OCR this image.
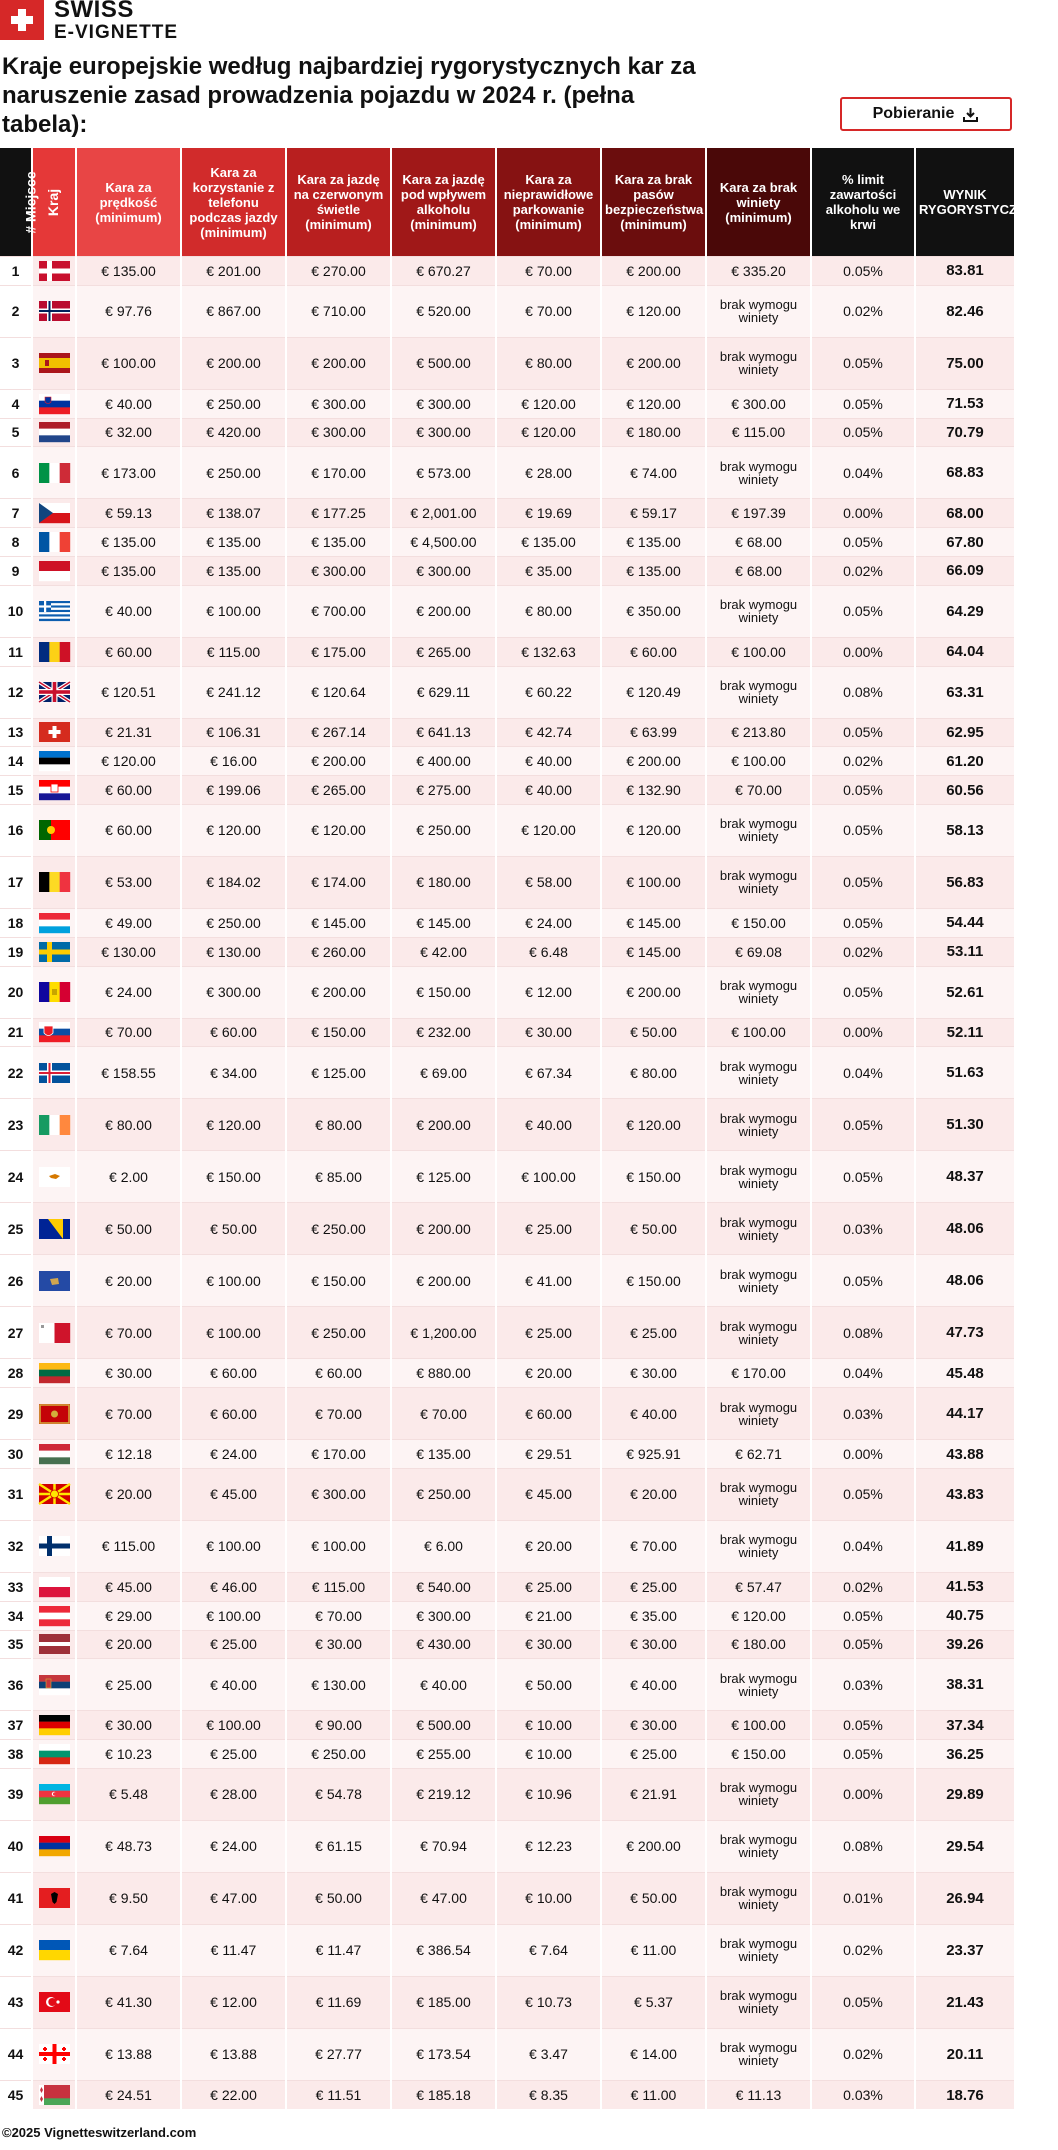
SWISS
E-VIGNETTE
Kraje europejskie według najbardziej rygorystycznych kar za naruszenie zasad prowadzenia pojazdu w 2024 r. (pełna tabela):	Pobieranie
# Miejsce	Kraj	Kara za prędkość (minimum)	Kara za korzystanie z telefonu podczas jazdy (minimum)	Kara za jazdę na czerwonym świetle (minimum)	Kara za jazdę pod wpływem alkoholu (minimum)	Kara za nieprawidłowe parkowanie (minimum)	Kara za brak pasów bezpieczeństwa (minimum)	Kara za brak winiety (minimum)	% limit zawartości alkoholu we krwi	WYNIK RYGORYSTYCZNOŚCI
1		€ 135.00	€ 201.00	€ 270.00	€ 670.27	€ 70.00	€ 200.00	€ 335.20	0.05%	83.81
2		€ 97.76	€ 867.00	€ 710.00	€ 520.00	€ 70.00	€ 120.00	brak wymogu winiety	0.02%	82.46
3		€ 100.00	€ 200.00	€ 200.00	€ 500.00	€ 80.00	€ 200.00	brak wymogu winiety	0.05%	75.00
4		€ 40.00	€ 250.00	€ 300.00	€ 300.00	€ 120.00	€ 120.00	€ 300.00	0.05%	71.53
5		€ 32.00	€ 420.00	€ 300.00	€ 300.00	€ 120.00	€ 180.00	€ 115.00	0.05%	70.79
6		€ 173.00	€ 250.00	€ 170.00	€ 573.00	€ 28.00	€ 74.00	brak wymogu winiety	0.04%	68.83
7		€ 59.13	€ 138.07	€ 177.25	€ 2,001.00	€ 19.69	€ 59.17	€ 197.39	0.00%	68.00
8		€ 135.00	€ 135.00	€ 135.00	€ 4,500.00	€ 135.00	€ 135.00	€ 68.00	0.05%	67.80
9		€ 135.00	€ 135.00	€ 300.00	€ 300.00	€ 35.00	€ 135.00	€ 68.00	0.02%	66.09
10		€ 40.00	€ 100.00	€ 700.00	€ 200.00	€ 80.00	€ 350.00	brak wymogu winiety	0.05%	64.29
11		€ 60.00	€ 115.00	€ 175.00	€ 265.00	€ 132.63	€ 60.00	€ 100.00	0.00%	64.04
12		€ 120.51	€ 241.12	€ 120.64	€ 629.11	€ 60.22	€ 120.49	brak wymogu winiety	0.08%	63.31
13		€ 21.31	€ 106.31	€ 267.14	€ 641.13	€ 42.74	€ 63.99	€ 213.80	0.05%	62.95
14		€ 120.00	€ 16.00	€ 200.00	€ 400.00	€ 40.00	€ 200.00	€ 100.00	0.02%	61.20
15		€ 60.00	€ 199.06	€ 265.00	€ 275.00	€ 40.00	€ 132.90	€ 70.00	0.05%	60.56
16		€ 60.00	€ 120.00	€ 120.00	€ 250.00	€ 120.00	€ 120.00	brak wymogu winiety	0.05%	58.13
17		€ 53.00	€ 184.02	€ 174.00	€ 180.00	€ 58.00	€ 100.00	brak wymogu winiety	0.05%	56.83
18		€ 49.00	€ 250.00	€ 145.00	€ 145.00	€ 24.00	€ 145.00	€ 150.00	0.05%	54.44
19		€ 130.00	€ 130.00	€ 260.00	€ 42.00	€ 6.48	€ 145.00	€ 69.08	0.02%	53.11
20		€ 24.00	€ 300.00	€ 200.00	€ 150.00	€ 12.00	€ 200.00	brak wymogu winiety	0.05%	52.61
21		€ 70.00	€ 60.00	€ 150.00	€ 232.00	€ 30.00	€ 50.00	€ 100.00	0.00%	52.11
22		€ 158.55	€ 34.00	€ 125.00	€ 69.00	€ 67.34	€ 80.00	brak wymogu winiety	0.04%	51.63
23		€ 80.00	€ 120.00	€ 80.00	€ 200.00	€ 40.00	€ 120.00	brak wymogu winiety	0.05%	51.30
24		€ 2.00	€ 150.00	€ 85.00	€ 125.00	€ 100.00	€ 150.00	brak wymogu winiety	0.05%	48.37
25		€ 50.00	€ 50.00	€ 250.00	€ 200.00	€ 25.00	€ 50.00	brak wymogu winiety	0.03%	48.06
26		€ 20.00	€ 100.00	€ 150.00	€ 200.00	€ 41.00	€ 150.00	brak wymogu winiety	0.05%	48.06
27		€ 70.00	€ 100.00	€ 250.00	€ 1,200.00	€ 25.00	€ 25.00	brak wymogu winiety	0.08%	47.73
28		€ 30.00	€ 60.00	€ 60.00	€ 880.00	€ 20.00	€ 30.00	€ 170.00	0.04%	45.48
29		€ 70.00	€ 60.00	€ 70.00	€ 70.00	€ 60.00	€ 40.00	brak wymogu winiety	0.03%	44.17
30		€ 12.18	€ 24.00	€ 170.00	€ 135.00	€ 29.51	€ 925.91	€ 62.71	0.00%	43.88
31		€ 20.00	€ 45.00	€ 300.00	€ 250.00	€ 45.00	€ 20.00	brak wymogu winiety	0.05%	43.83
32		€ 115.00	€ 100.00	€ 100.00	€ 6.00	€ 20.00	€ 70.00	brak wymogu winiety	0.04%	41.89
33		€ 45.00	€ 46.00	€ 115.00	€ 540.00	€ 25.00	€ 25.00	€ 57.47	0.02%	41.53
34		€ 29.00	€ 100.00	€ 70.00	€ 300.00	€ 21.00	€ 35.00	€ 120.00	0.05%	40.75
35		€ 20.00	€ 25.00	€ 30.00	€ 430.00	€ 30.00	€ 30.00	€ 180.00	0.05%	39.26
36		€ 25.00	€ 40.00	€ 130.00	€ 40.00	€ 50.00	€ 40.00	brak wymogu winiety	0.03%	38.31
37		€ 30.00	€ 100.00	€ 90.00	€ 500.00	€ 10.00	€ 30.00	€ 100.00	0.05%	37.34
38		€ 10.23	€ 25.00	€ 250.00	€ 255.00	€ 10.00	€ 25.00	€ 150.00	0.05%	36.25
39		€ 5.48	€ 28.00	€ 54.78	€ 219.12	€ 10.96	€ 21.91	brak wymogu winiety	0.00%	29.89
40		€ 48.73	€ 24.00	€ 61.15	€ 70.94	€ 12.23	€ 200.00	brak wymogu winiety	0.08%	29.54
41		€ 9.50	€ 47.00	€ 50.00	€ 47.00	€ 10.00	€ 50.00	brak wymogu winiety	0.01%	26.94
42		€ 7.64	€ 11.47	€ 11.47	€ 386.54	€ 7.64	€ 11.00	brak wymogu winiety	0.02%	23.37
43		€ 41.30	€ 12.00	€ 11.69	€ 185.00	€ 10.73	€ 5.37	brak wymogu winiety	0.05%	21.43
44		€ 13.88	€ 13.88	€ 27.77	€ 173.54	€ 3.47	€ 14.00	brak wymogu winiety	0.02%	20.11
45		€ 24.51	€ 22.00	€ 11.51	€ 185.18	€ 8.35	€ 11.00	€ 11.13	0.03%	18.76
©2025 Vignetteswitzerland.com
